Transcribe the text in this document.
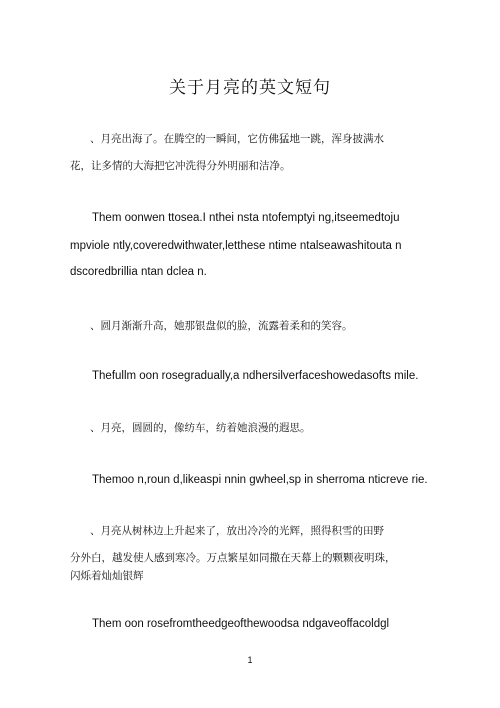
关于月亮的英文短句
、月亮出海了。在腾空的一瞬间，它仿佛猛地一跳，浑身披满水
花，让多情的大海把它冲洗得分外明丽和洁净。
Them oonwen ttosea.I nthei nsta ntofemptyi ng,itseemedtoju
mpviole ntly,coveredwithwater,letthese ntime ntalseawashitouta n
dscoredbrillia ntan dclea n.
、圆月渐渐升高，她那银盘似的脸，流露着柔和的笑容。
Thefullm oon rosegradually,a ndhersilverfaceshowedasofts mile.
、月亮，圆圆的，像纺车，纺着她浪漫的遐思。
Themoo n,roun d,likeaspi nnin gwheel,sp in sherroma nticreve rie.
、月亮从树林边上升起来了，放出冷冷的光辉，照得积雪的田野
分外白，越发使人感到寒冷。万点繁星如同撒在天幕上的颗颗夜明珠，
闪烁着灿灿银辉
Them oon rosefromtheedgeofthewoodsa ndgaveoffacoldgl
1
